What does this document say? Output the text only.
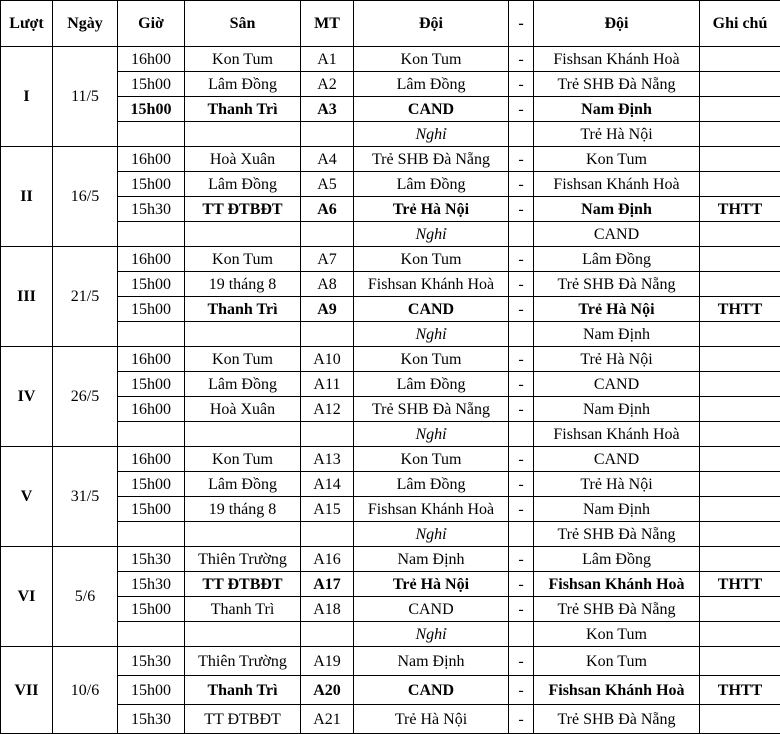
Lượt	Ngày	Giờ	Sân	MT	Đội	-	Đội	Ghi chú
I	11/5	16h00	Kon Tum	A1	Kon Tum	-	Fishsan Khánh Hoà	
		15h00	Lâm Đồng	A2	Lâm Đồng	-	Trẻ SHB Đà Nẵng	
		15h00	Thanh Trì	A3	CAND	-	Nam Định	
					Nghỉ		Trẻ Hà Nội	
II	16/5	16h00	Hoà Xuân	A4	Trẻ SHB Đà Nẵng	-	Kon Tum	
		15h00	Lâm Đồng	A5	Lâm Đồng	-	Fishsan Khánh Hoà	
		15h30	TT ĐTBĐT	A6	Trẻ Hà Nội	-	Nam Định	THTT
					Nghỉ		CAND	
III	21/5	16h00	Kon Tum	A7	Kon Tum	-	Lâm Đồng	
		15h00	19 tháng 8	A8	Fishsan Khánh Hoà	-	Trẻ SHB Đà Nẵng	
		15h00	Thanh Trì	A9	CAND	-	Trẻ Hà Nội	THTT
					Nghỉ		Nam Định	
IV	26/5	16h00	Kon Tum	A10	Kon Tum	-	Trẻ Hà Nội	
		15h00	Lâm Đồng	A11	Lâm Đồng	-	CAND	
		16h00	Hoà Xuân	A12	Trẻ SHB Đà Nẵng	-	Nam Định	
					Nghỉ		Fishsan Khánh Hoà	
V	31/5	16h00	Kon Tum	A13	Kon Tum	-	CAND	
		15h00	Lâm Đồng	A14	Lâm Đồng	-	Trẻ Hà Nội	
		15h00	19 tháng 8	A15	Fishsan Khánh Hoà	-	Nam Định	
					Nghỉ		Trẻ SHB Đà Nẵng	
VI	5/6	15h30	Thiên Trường	A16	Nam Định	-	Lâm Đồng	
		15h30	TT ĐTBĐT	A17	Trẻ Hà Nội	-	Fishsan Khánh Hoà	THTT
		15h00	Thanh Trì	A18	CAND	-	Trẻ SHB Đà Nẵng	
					Nghỉ		Kon Tum	
VII	10/6	15h30	Thiên Trường	A19	Nam Định	-	Kon Tum	
		15h00	Thanh Trì	A20	CAND	-	Fishsan Khánh Hoà	THTT
		15h30	TT ĐTBĐT	A21	Trẻ Hà Nội	-	Trẻ SHB Đà Nẵng	
